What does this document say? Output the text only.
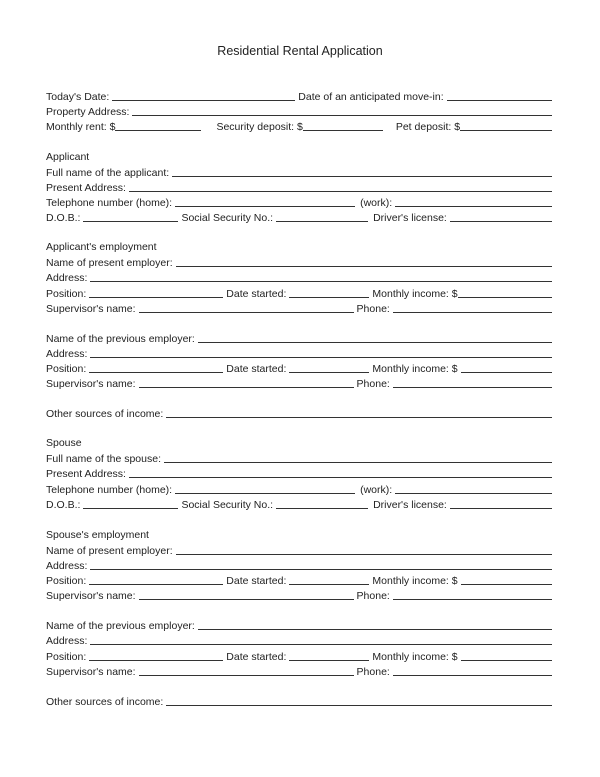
Residential Rental Application
Today's Date:	Date of an anticipated move-in:
Property Address:
Monthly rent: $	Security deposit: $	Pet deposit: $
Applicant
Full name of the applicant:
Present Address:
Telephone number (home):	(work):
D.O.B.:	Social Security No.:	Driver's license:
Applicant's employment
Name of present employer:
Address:
Position:	Date started:	Monthly income: $
Supervisor's name:	Phone:
Name of the previous employer:
Address:
Position:	Date started:	Monthly income: $
Supervisor's name:	Phone:
Other sources of income:
Spouse
Full name of the spouse:
Present Address:
Telephone number (home):	(work):
D.O.B.:	Social Security No.:	Driver's license:
Spouse's employment
Name of present employer:
Address:
Position:	Date started:	Monthly income: $
Supervisor's name:	Phone:
Name of the previous employer:
Address:
Position:	Date started:	Monthly income: $
Supervisor's name:	Phone:
Other sources of income:
